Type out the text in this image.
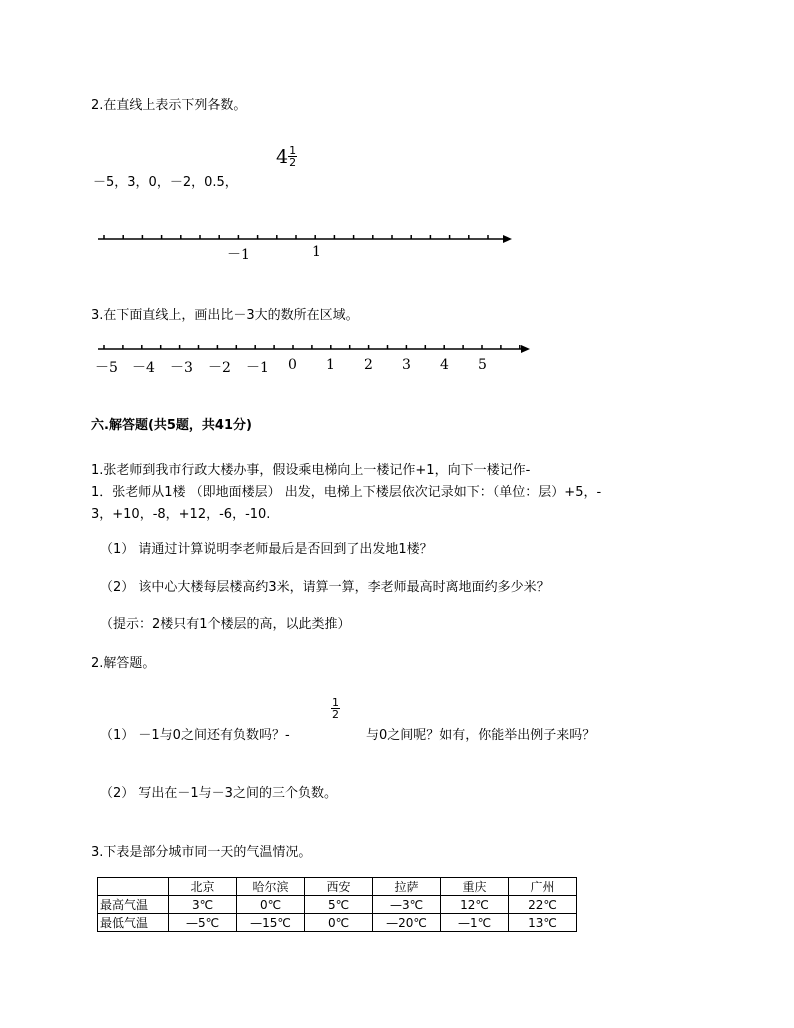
2.在直线上表示下列各数。
－5，3，0，－2，0.5，
$4 \frac{1}{2}$
－1	1
3.在下面直线上，画出比－3大的数所在区域。
－5 －4 －3 －2 －1 0 1 2 3 4 5
六.解答题(共5题，共41分)
1.张老师到我市行政大楼办事，假设乘电梯向上一楼记作+1，向下一楼记作-
1．张老师从1楼 （即地面楼层） 出发，电梯上下楼层依次记录如下：（单位：层）+5，-
3，+10，-8，+12，-6，-10.
（1） 请通过计算说明李老师最后是否回到了出发地1楼？
（2） 该中心大楼每层楼高约3米，请算一算，李老师最高时离地面约多少米？
（提示：2楼只有1个楼层的高，以此类推）
2.解答题。
（1） －1与0之间还有负数吗？-
$\frac{1}{2}$
与0之间呢？如有，你能举出例子来吗？
（2） 写出在－1与－3之间的三个负数。
3.下表是部分城市同一天的气温情况。
	北京	哈尔滨	西安	拉萨	重庆	广州
最高气温	3℃	0℃	5℃	—3℃	12℃	22℃
最低气温	—5℃	—15℃	0℃	—20℃	—1℃	13℃
